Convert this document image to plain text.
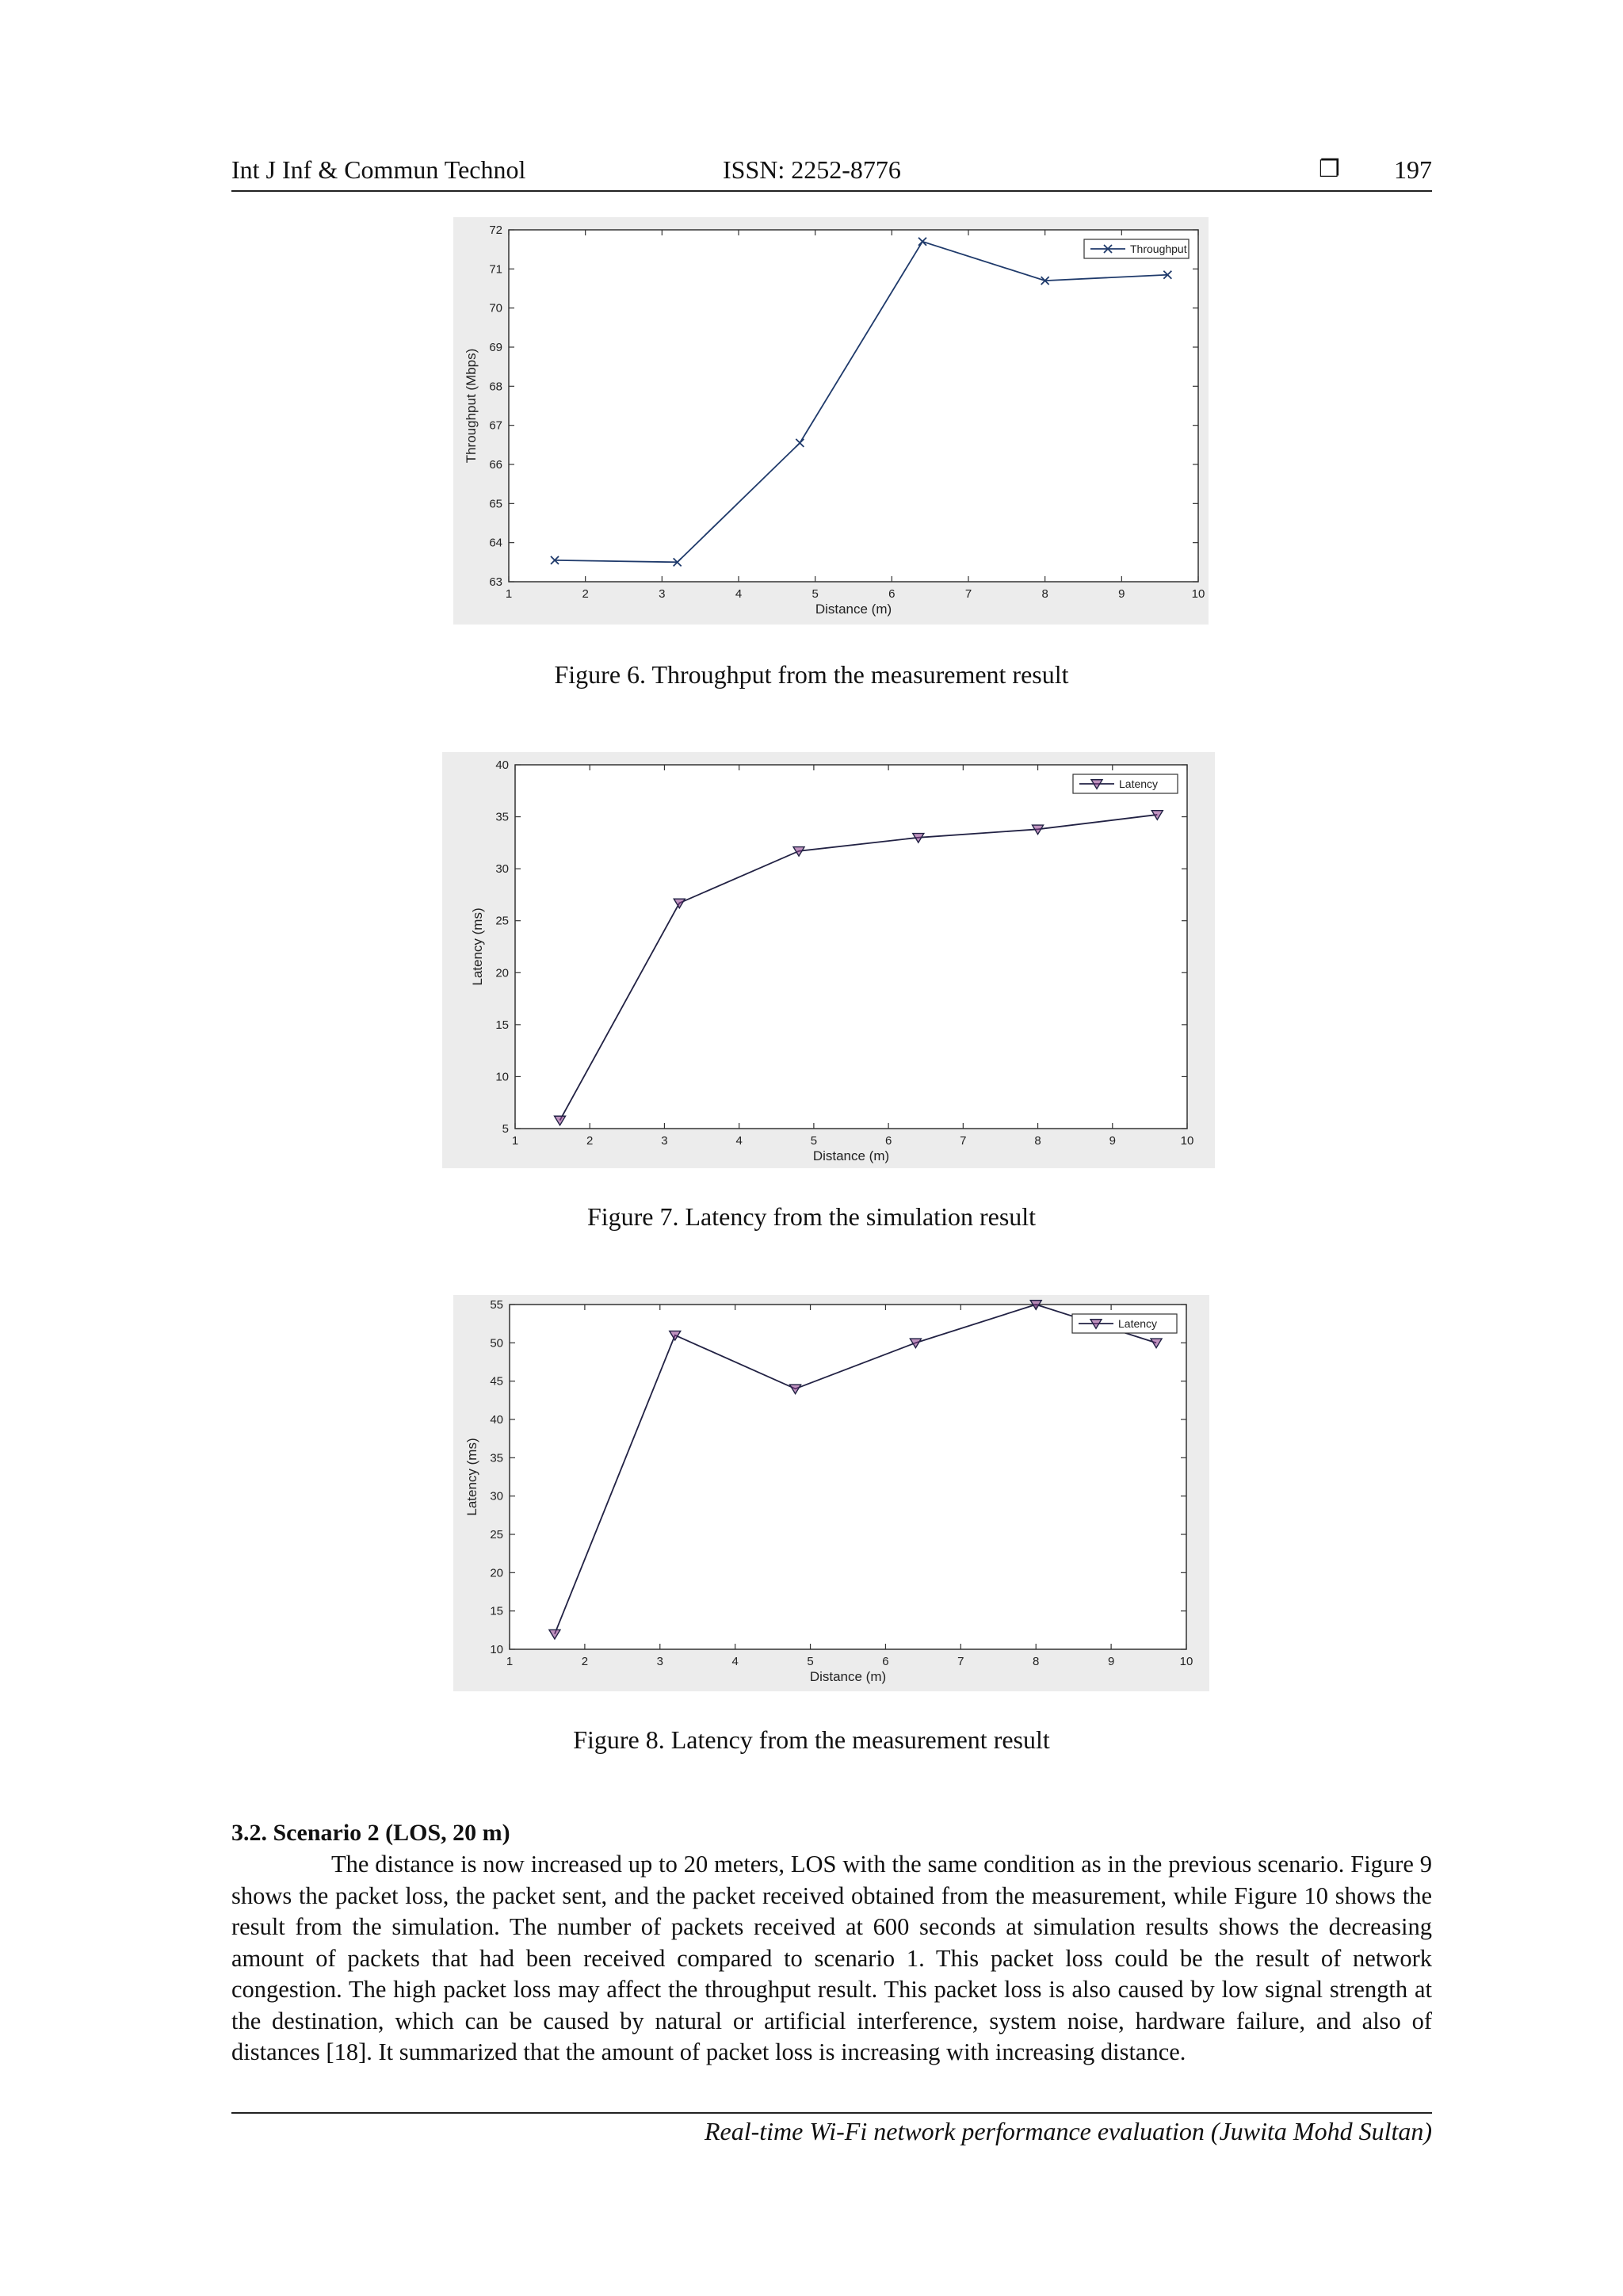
Int J Inf & Commun Technol	ISSN: 2252-8776	❐ 197
1	2	3	4	5	6	7	8	9	10
63
64
65
66
67
68
69
70
71
72
Distance (m)
Throughput (Mbps)
Throughput
Figure 6. Throughput from the measurement result
1	2	3	4	5	6	7	8	9	10
5
10
15
20
25
30
35
40
Distance (m)
Latency (ms)
Latency
Figure 7. Latency from the simulation result
1	2	3	4	5	6	7	8	9	10
10
15
20
25
30
35
40
45
50
55
Distance (m)
Latency (ms)
Latency
Figure 8. Latency from the measurement result
3.2. Scenario 2 (LOS, 20 m)
The distance is now increased up to 20 meters, LOS with the same condition as in the previous scenario. Figure 9 shows the packet loss, the packet sent, and the packet received obtained from the measurement, while Figure 10 shows the result from the simulation. The number of packets received at 600 seconds at simulation results shows the decreasing amount of packets that had been received compared to scenario 1. This packet loss could be the result of network congestion. The high packet loss may affect the throughput result. This packet loss is also caused by low signal strength at the destination, which can be caused by natural or artificial interference, system noise, hardware failure, and also of distances [18]. It summarized that the amount of packet loss is increasing with increasing distance.
Real-time Wi-Fi network performance evaluation (Juwita Mohd Sultan)
